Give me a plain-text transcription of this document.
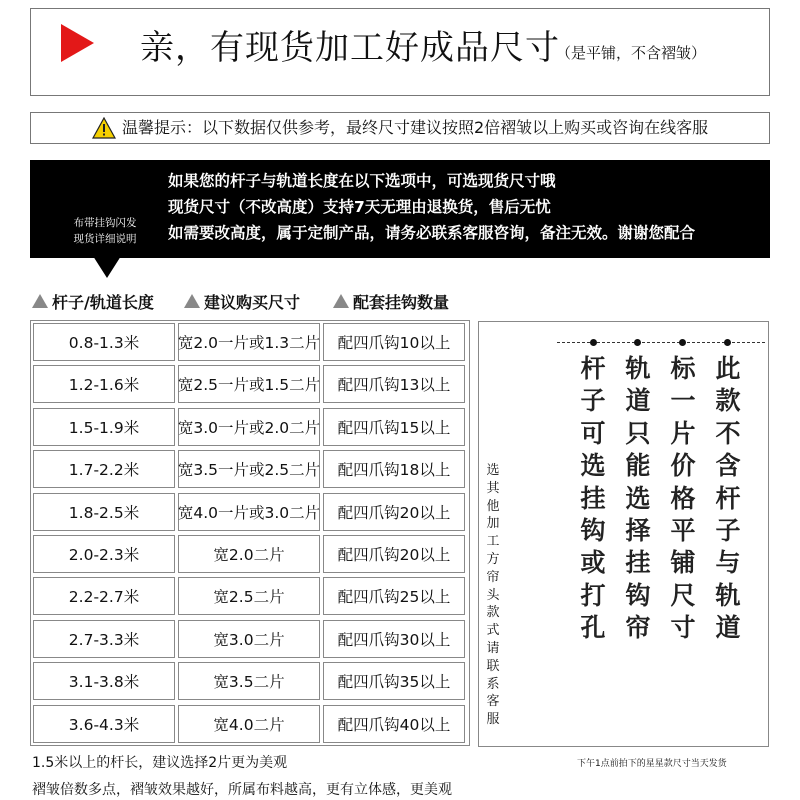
亲，有现货加工好成品尺寸
（是平铺，不含褶皱）
温馨提示：以下数据仅供参考，最终尺寸建议按照2倍褶皱以上购买或咨询在线客服
布带挂钩闪发
现货详细说明
如果您的杆子与轨道长度在以下选项中，可选现货尺寸哦
现货尺寸（不改高度）支持7天无理由退换货，售后无忧
如需要改高度，属于定制产品，请务必联系客服咨询，备注无效。谢谢您配合
杆子/轨道长度	建议购买尺寸	配套挂钩数量
0.8-1.3米	宽2.0一片或1.3二片	配四爪钩10以上
1.2-1.6米	宽2.5一片或1.5二片	配四爪钩13以上
1.5-1.9米	宽3.0一片或2.0二片	配四爪钩15以上
1.7-2.2米	宽3.5一片或2.5二片	配四爪钩18以上
1.8-2.5米	宽4.0一片或3.0二片	配四爪钩20以上
2.0-2.3米	宽2.0二片	配四爪钩20以上
2.2-2.7米	宽2.5二片	配四爪钩25以上
2.7-3.3米	宽3.0二片	配四爪钩30以上
3.1-3.8米	宽3.5二片	配四爪钩35以上
3.6-4.3米	宽4.0二片	配四爪钩40以上
选其他加工方帘头款式请联系客服
杆子可选挂钩或打孔
轨道只能选择挂钩帘
标一片价格平铺尺寸
此款不含杆子与轨道
1.5米以上的杆长，建议选择2片更为美观	下午1点前拍下的星星款尺寸当天发货
褶皱倍数多点，褶皱效果越好，所属布料越高，更有立体感，更美观
